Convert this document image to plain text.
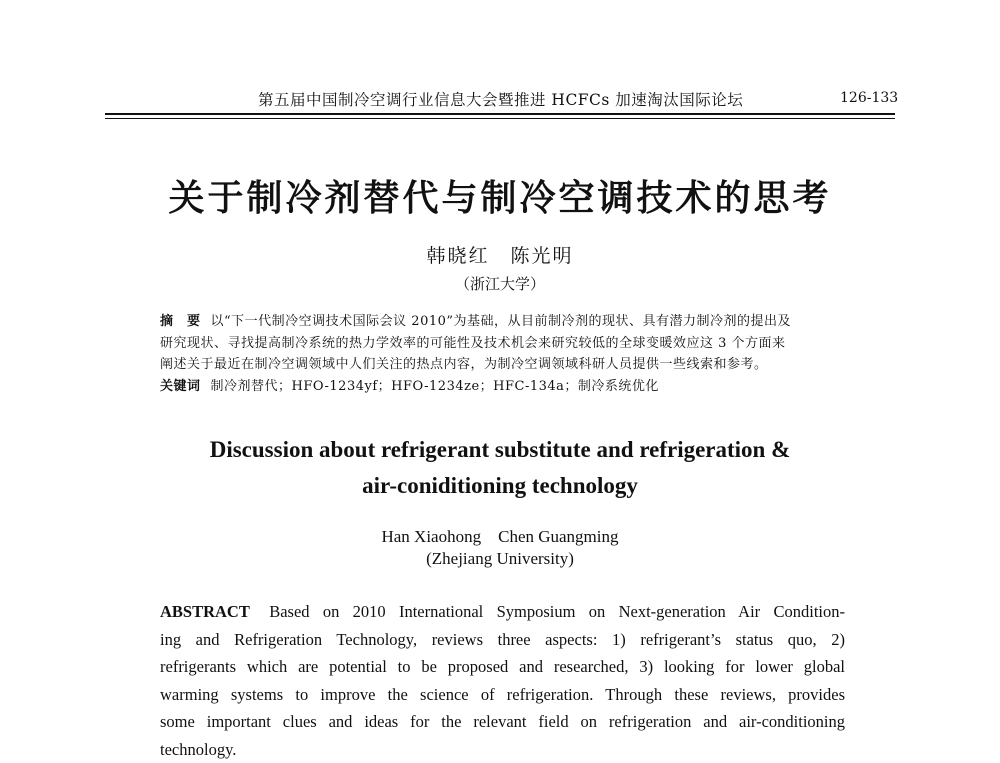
第五届中国制冷空调行业信息大会暨推进 HCFCs 加速淘汰国际论坛	126-133
关于制冷剂替代与制冷空调技术的思考
韩晓红　陈光明
（浙江大学）
摘　要 以“下一代制冷空调技术国际会议 2010”为基础，从目前制冷剂的现状、具有潜力制冷剂的提出及
研究现状、寻找提高制冷系统的热力学效率的可能性及技术机会来研究较低的全球变暖效应这 3 个方面来
阐述关于最近在制冷空调领域中人们关注的热点内容，为制冷空调领域科研人员提供一些线索和参考。
关键词 制冷剂替代；HFO-1234yf；HFO-1234ze；HFC-134a；制冷系统优化
Discussion about refrigerant substitute and refrigeration &
air-coniditioning technology
Han Xiaohong　Chen Guangming
(Zhejiang University)
ABSTRACT Based on 2010 International Symposium on Next-generation Air Condition-
ing and Refrigeration Technology, reviews three aspects: 1) refrigerant’s status quo, 2)
refrigerants which are potential to be proposed and researched, 3) looking for lower global
warming systems to improve the science of refrigeration. Through these reviews, provides
some important clues and ideas for the relevant field on refrigeration and air-conditioning
technology.
